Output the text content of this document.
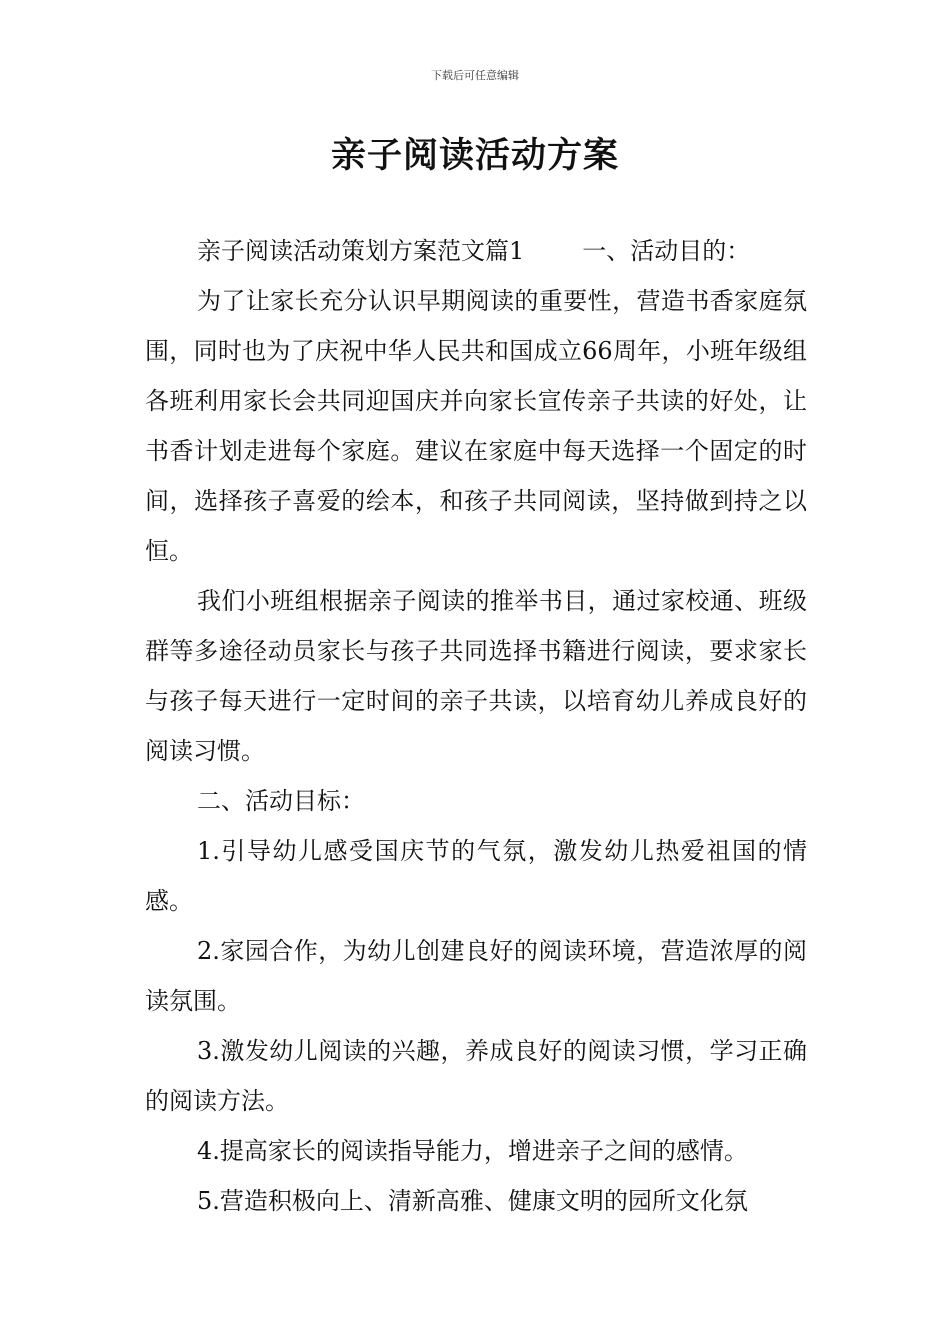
下载后可任意编辑
亲子阅读活动方案

亲子阅读活动策划方案范文篇1 一、活动目的：

为了让家长充分认识早期阅读的重要性，营造书香家庭氛围，同时也为了庆祝中华人民共和国成立66周年，小班年级组各班利用家长会共同迎国庆并向家长宣传亲子共读的好处，让书香计划走进每个家庭。建议在家庭中每天选择一个固定的时间，选择孩子喜爱的绘本，和孩子共同阅读，坚持做到持之以恒。

我们小班组根据亲子阅读的推举书目，通过家校通、班级群等多途径动员家长与孩子共同选择书籍进行阅读，要求家长与孩子每天进行一定时间的亲子共读，以培育幼儿养成良好的阅读习惯。

二、活动目标：

1.引导幼儿感受国庆节的气氛，激发幼儿热爱祖国的情感。

2.家园合作，为幼儿创建良好的阅读环境，营造浓厚的阅读氛围。

3.激发幼儿阅读的兴趣，养成良好的阅读习惯，学习正确的阅读方法。

4.提高家长的阅读指导能力，增进亲子之间的感情。

5.营造积极向上、清新高雅、健康文明的园所文化氛
